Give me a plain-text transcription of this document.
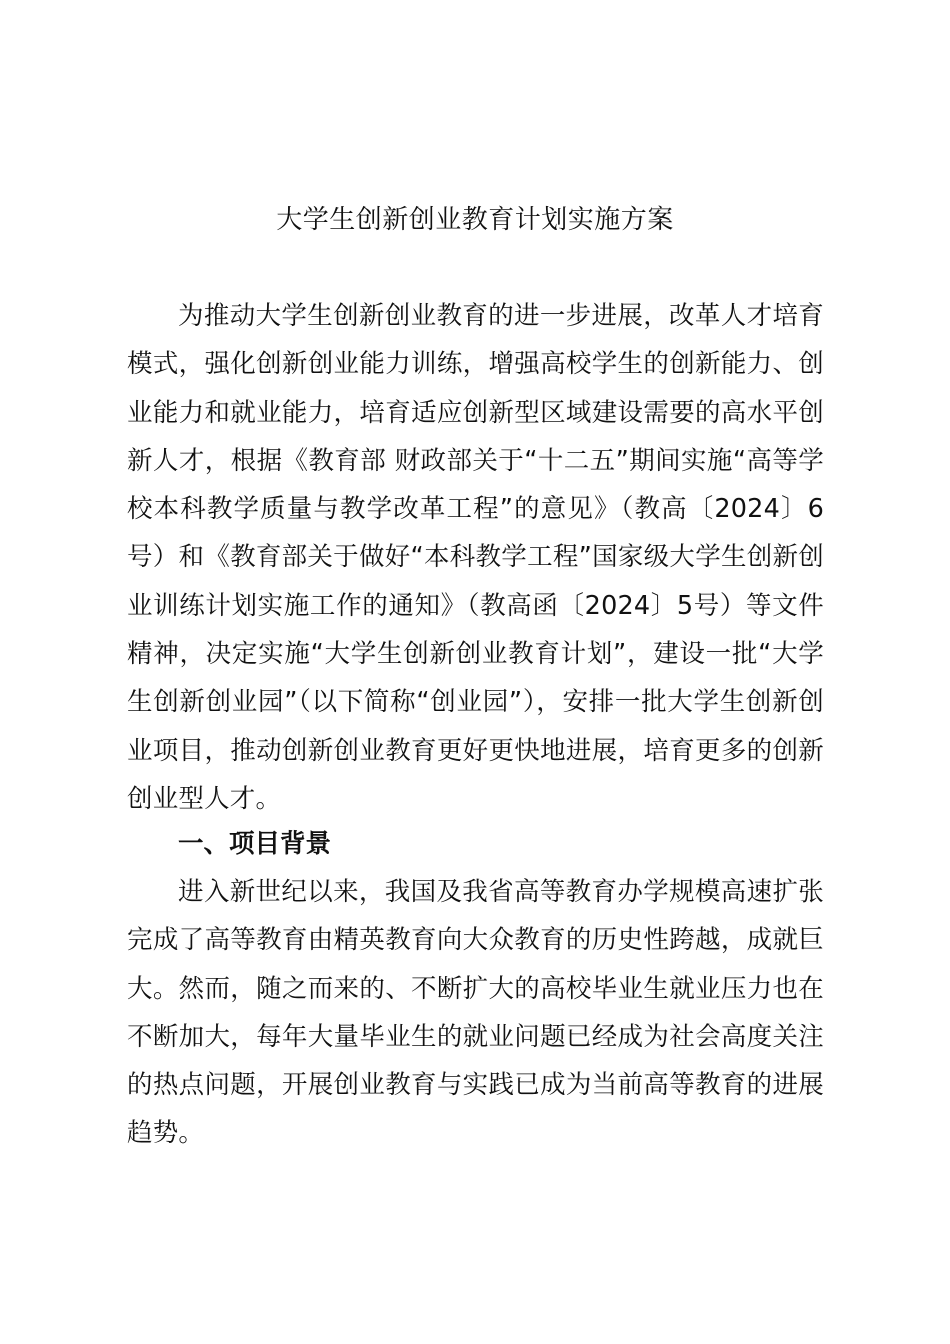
大学生创新创业教育计划实施方案

为推动大学生创新创业教育的进一步进展，改革人才培育模式，强化创新创业能力训练，增强高校学生的创新能力、创业能力和就业能力，培育适应创新型区域建设需要的高水平创新人才，根据《教育部 财政部关于“十二五”期间实施“高等学校本科教学质量与教学改革工程”的意见》（教高〔2024〕6号）和《教育部关于做好“本科教学工程”国家级大学生创新创业训练计划实施工作的通知》（教高函〔2024〕5号）等文件精神，决定实施“大学生创新创业教育计划”，建设一批“大学生创新创业园”（以下简称“创业园”），安排一批大学生创新创业项目，推动创新创业教育更好更快地进展，培育更多的创新创业型人才。

一、项目背景

进入新世纪以来，我国及我省高等教育办学规模高速扩张完成了高等教育由精英教育向大众教育的历史性跨越，成就巨大。然而，随之而来的、不断扩大的高校毕业生就业压力也在不断加大，每年大量毕业生的就业问题已经成为社会高度关注的热点问题，开展创业教育与实践已成为当前高等教育的进展趋势。
